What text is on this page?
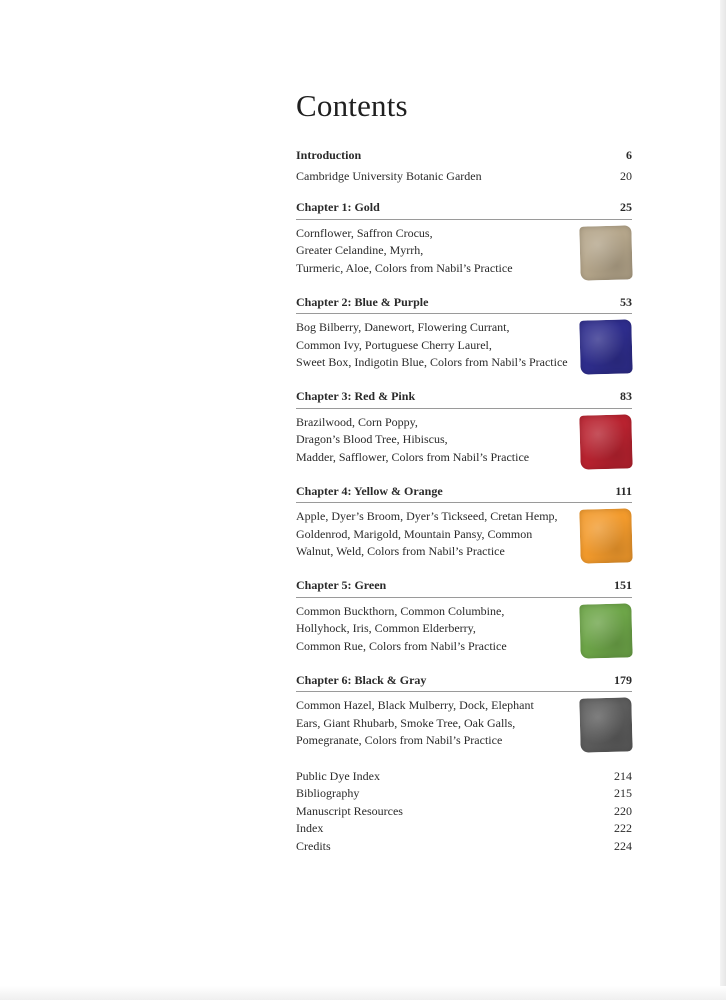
Contents
Introduction	6
Cambridge University Botanic Garden	20
Chapter 1: Gold	25
Cornflower, Saffron Crocus,
Greater Celandine, Myrrh,
Turmeric, Aloe, Colors from Nabil’s Practice
Chapter 2: Blue & Purple	53
Bog Bilberry, Danewort, Flowering Currant,
Common Ivy, Portuguese Cherry Laurel,
Sweet Box, Indigotin Blue, Colors from Nabil’s Practice
Chapter 3: Red & Pink	83
Brazilwood, Corn Poppy,
Dragon’s Blood Tree, Hibiscus,
Madder, Safflower, Colors from Nabil’s Practice
Chapter 4: Yellow & Orange	111
Apple, Dyer’s Broom, Dyer’s Tickseed, Cretan Hemp,
Goldenrod, Marigold, Mountain Pansy, Common
Walnut, Weld, Colors from Nabil’s Practice
Chapter 5: Green	151
Common Buckthorn, Common Columbine,
Hollyhock, Iris, Common Elderberry,
Common Rue, Colors from Nabil’s Practice
Chapter 6: Black & Gray	179
Common Hazel, Black Mulberry, Dock, Elephant
Ears, Giant Rhubarb, Smoke Tree, Oak Galls,
Pomegranate, Colors from Nabil’s Practice
Public Dye Index	214
Bibliography	215
Manuscript Resources	220
Index	222
Credits	224
